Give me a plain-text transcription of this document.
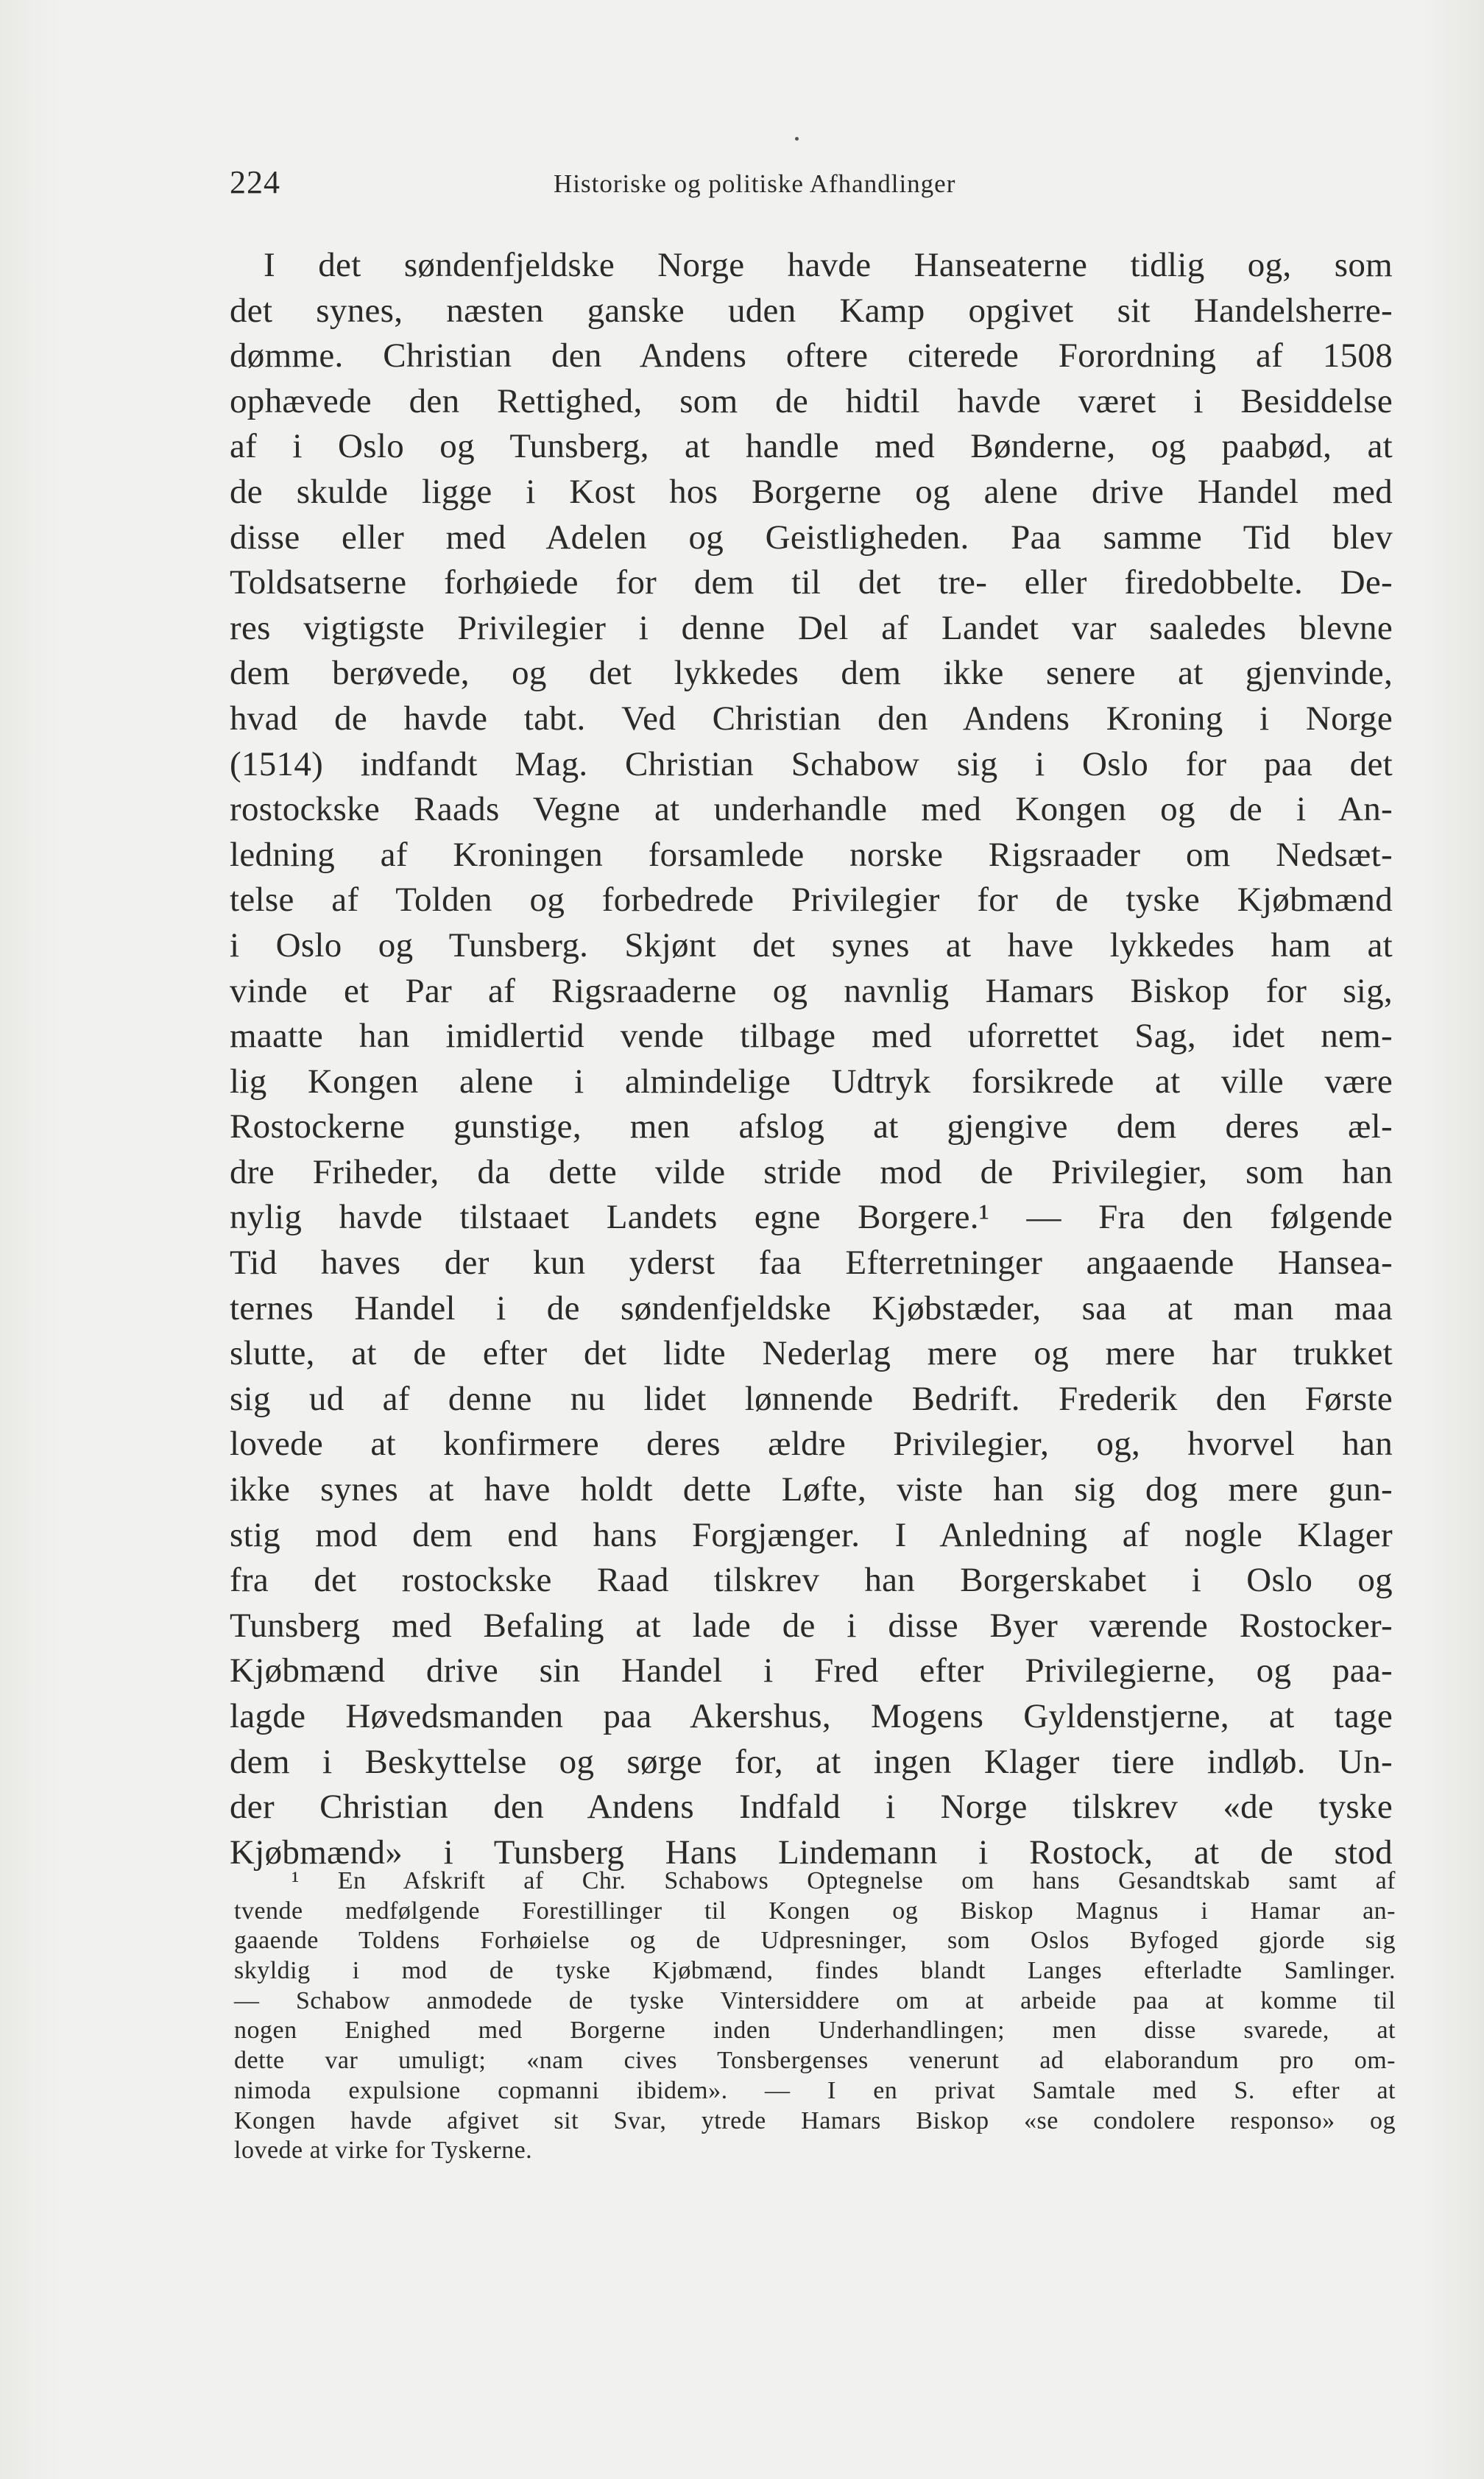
224	Historiske og politiske Afhandlinger
I det søndenfjeldske Norge havde Hanseaterne tidlig og, som
det synes, næsten ganske uden Kamp opgivet sit Handelsherre-
dømme. Christian den Andens oftere citerede Forordning af 1508
ophævede den Rettighed, som de hidtil havde været i Besiddelse
af i Oslo og Tunsberg, at handle med Bønderne, og paabød, at
de skulde ligge i Kost hos Borgerne og alene drive Handel med
disse eller med Adelen og Geistligheden. Paa samme Tid blev
Toldsatserne forhøiede for dem til det tre- eller firedobbelte. De-
res vigtigste Privilegier i denne Del af Landet var saaledes blevne
dem berøvede, og det lykkedes dem ikke senere at gjenvinde,
hvad de havde tabt. Ved Christian den Andens Kroning i Norge
(1514) indfandt Mag. Christian Schabow sig i Oslo for paa det
rostockske Raads Vegne at underhandle med Kongen og de i An-
ledning af Kroningen forsamlede norske Rigsraader om Nedsæt-
telse af Tolden og forbedrede Privilegier for de tyske Kjøbmænd
i Oslo og Tunsberg. Skjønt det synes at have lykkedes ham at
vinde et Par af Rigsraaderne og navnlig Hamars Biskop for sig,
maatte han imidlertid vende tilbage med uforrettet Sag, idet nem-
lig Kongen alene i almindelige Udtryk forsikrede at ville være
Rostockerne gunstige, men afslog at gjengive dem deres æl-
dre Friheder, da dette vilde stride mod de Privilegier, som han
nylig havde tilstaaet Landets egne Borgere.¹ — Fra den følgende
Tid haves der kun yderst faa Efterretninger angaaende Hansea-
ternes Handel i de søndenfjeldske Kjøbstæder, saa at man maa
slutte, at de efter det lidte Nederlag mere og mere har trukket
sig ud af denne nu lidet lønnende Bedrift. Frederik den Første
lovede at konfirmere deres ældre Privilegier, og, hvorvel han
ikke synes at have holdt dette Løfte, viste han sig dog mere gun-
stig mod dem end hans Forgjænger. I Anledning af nogle Klager
fra det rostockske Raad tilskrev han Borgerskabet i Oslo og
Tunsberg med Befaling at lade de i disse Byer værende Rostocker-
Kjøbmænd drive sin Handel i Fred efter Privilegierne, og paa-
lagde Høvedsmanden paa Akershus, Mogens Gyldenstjerne, at tage
dem i Beskyttelse og sørge for, at ingen Klager tiere indløb. Un-
der Christian den Andens Indfald i Norge tilskrev «de tyske
Kjøbmænd» i Tunsberg Hans Lindemann i Rostock, at de stod
¹ En Afskrift af Chr. Schabows Optegnelse om hans Gesandtskab samt af
tvende medfølgende Forestillinger til Kongen og Biskop Magnus i Hamar an-
gaaende Toldens Forhøielse og de Udpresninger, som Oslos Byfoged gjorde sig
skyldig i mod de tyske Kjøbmænd, findes blandt Langes efterladte Samlinger.
— Schabow anmodede de tyske Vintersiddere om at arbeide paa at komme til
nogen Enighed med Borgerne inden Underhandlingen; men disse svarede, at
dette var umuligt; «nam cives Tonsbergenses venerunt ad elaborandum pro om-
nimoda expulsione copmanni ibidem». — I en privat Samtale med S. efter at
Kongen havde afgivet sit Svar, ytrede Hamars Biskop «se condolere responso» og
lovede at virke for Tyskerne.
